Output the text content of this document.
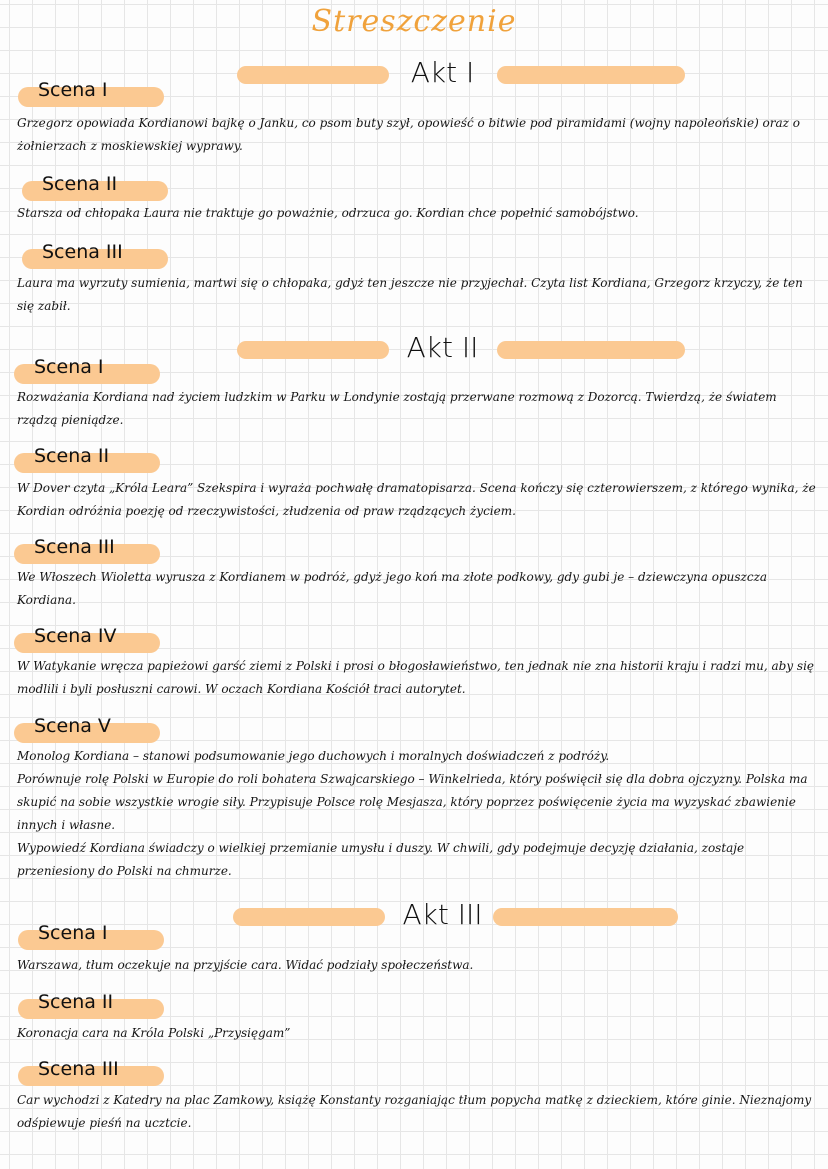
Streszczenie
Akt I
Scena I
Grzegorz opowiada Kordianowi bajkę o Janku, co psom buty szył, opowieść o bitwie pod piramidami (wojny napoleońskie) oraz o żołnierzach z moskiewskiej wyprawy.
Scena II
Starsza od chłopaka Laura nie traktuje go poważnie, odrzuca go. Kordian chce popełnić samobójstwo.
Scena III
Laura ma wyrzuty sumienia, martwi się o chłopaka, gdyż ten jeszcze nie przyjechał. Czyta list Kordiana, Grzegorz krzyczy, że ten się zabił.
Akt II
Scena I
Rozważania Kordiana nad życiem ludzkim w Parku w Londynie zostają przerwane rozmową z Dozorcą. Twierdzą, że światem rządzą pieniądze.
Scena II
W Dover czyta „Króla Leara” Szekspira i wyraża pochwałę dramatopisarza. Scena kończy się czterowierszem, z którego wynika, że Kordian odróżnia poezję od rzeczywistości, złudzenia od praw rządzących życiem.
Scena III
We Włoszech Wioletta wyrusza z Kordianem w podróż, gdyż jego koń ma złote podkowy, gdy gubi je – dziewczyna opuszcza Kordiana.
Scena IV
W Watykanie wręcza papieżowi garść ziemi z Polski i prosi o błogosławieństwo, ten jednak nie zna historii kraju i radzi mu, aby się modlili i byli posłuszni carowi. W oczach Kordiana Kościół traci autorytet.
Scena V
Monolog Kordiana – stanowi podsumowanie jego duchowych i moralnych doświadczeń z podróży.
Porównuje rolę Polski w Europie do roli bohatera Szwajcarskiego – Winkelrieda, który poświęcił się dla dobra ojczyzny. Polska ma skupić na sobie wszystkie wrogie siły. Przypisuje Polsce rolę Mesjasza, który poprzez poświęcenie życia ma wyzyskać zbawienie innych i własne.
Wypowiedź Kordiana świadczy o wielkiej przemianie umysłu i duszy. W chwili, gdy podejmuje decyzję działania, zostaje przeniesiony do Polski na chmurze.
Akt III
Scena I
Warszawa, tłum oczekuje na przyjście cara. Widać podziały społeczeństwa.
Scena II
Koronacja cara na Króla Polski „Przysięgam”
Scena III
Car wychodzi z Katedry na plac Zamkowy, książę Konstanty rozganiając tłum popycha matkę z dzieckiem, które ginie. Nieznajomy odśpiewuje pieśń na ucztcie.
